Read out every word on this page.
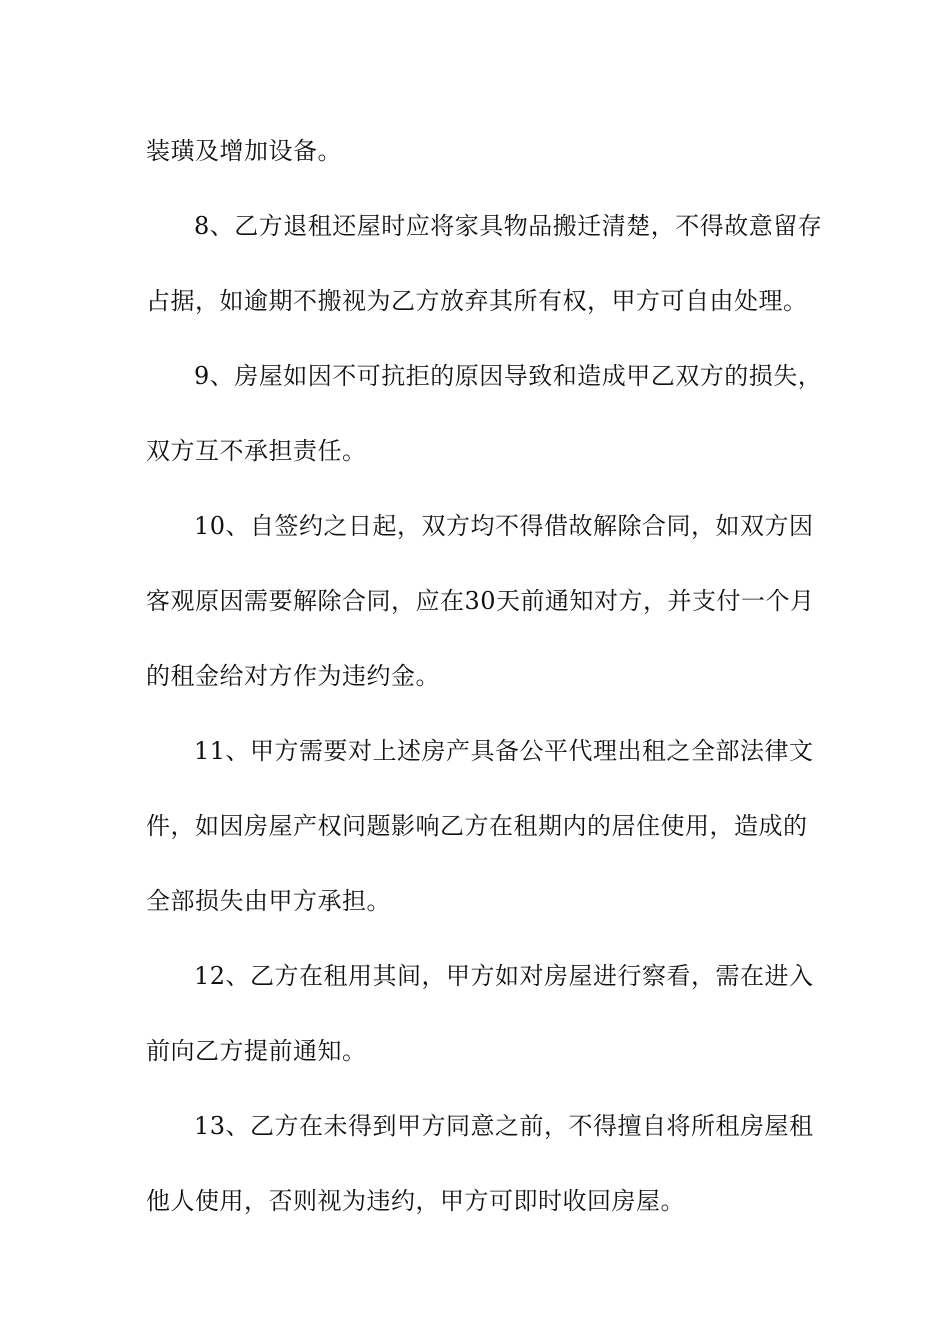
装璜及增加设备。
8、乙方退租还屋时应将家具物品搬迁清楚，不得故意留存
占据，如逾期不搬视为乙方放弃其所有权，甲方可自由处理。
9、房屋如因不可抗拒的原因导致和造成甲乙双方的损失，
双方互不承担责任。
10、自签约之日起，双方均不得借故解除合同，如双方因
客观原因需要解除合同，应在30天前通知对方，并支付一个月
的租金给对方作为违约金。
11、甲方需要对上述房产具备公平代理出租之全部法律文
件，如因房屋产权问题影响乙方在租期内的居住使用，造成的
全部损失由甲方承担。
12、乙方在租用其间，甲方如对房屋进行察看，需在进入
前向乙方提前通知。
13、乙方在未得到甲方同意之前，不得擅自将所租房屋租
他人使用，否则视为违约，甲方可即时收回房屋。
